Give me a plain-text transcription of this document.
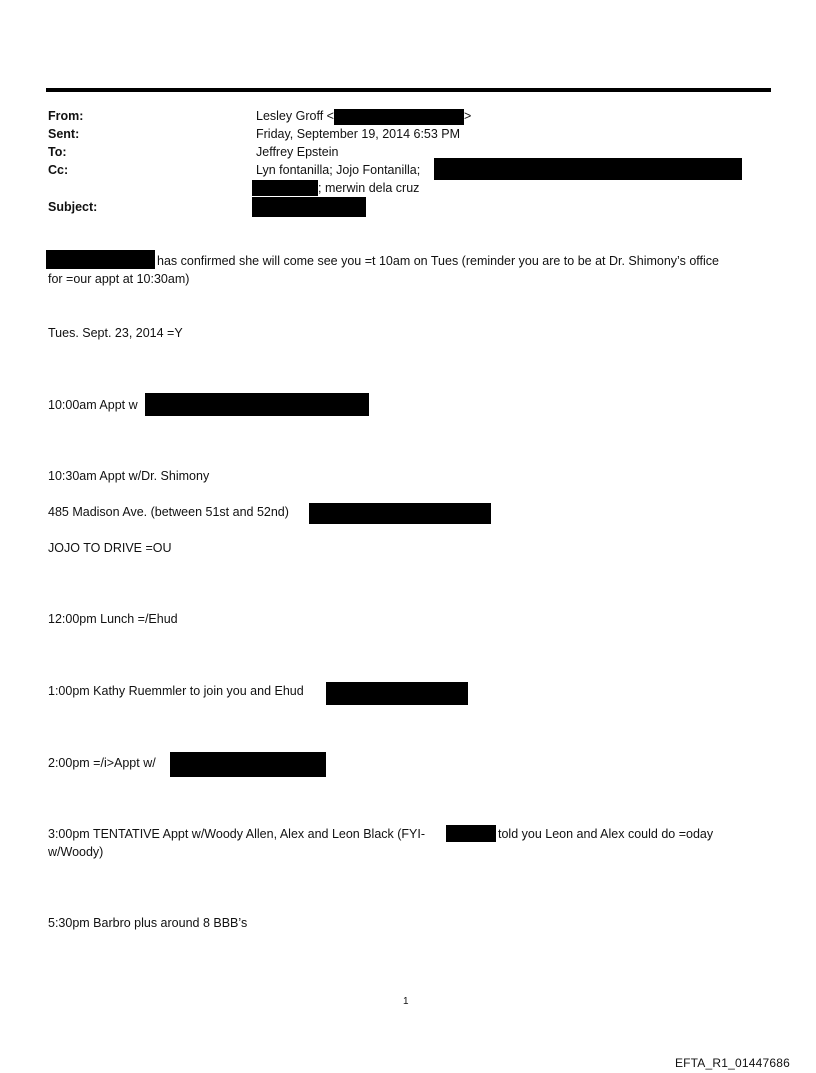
From:
Sent:
To:
Cc:
Subject:
Lesley Groff <	>
Friday, September 19, 2014 6:53 PM
Jeffrey Epstein
Lyn fontanilla; Jojo Fontanilla;
; merwin dela cruz
has confirmed she will come see you =t 10am on Tues (reminder you are to be at Dr. Shimony’s office
for =our appt at 10:30am)
Tues. Sept. 23, 2014 =Y
10:00am Appt w
10:30am Appt w/Dr. Shimony
485 Madison Ave. (between 51st and 52nd)
JOJO TO DRIVE =OU
12:00pm Lunch =/Ehud
1:00pm Kathy Ruemmler to join you and Ehud
2:00pm =/i>Appt w/
3:00pm TENTATIVE Appt w/Woody Allen, Alex and Leon Black (FYI-	told you Leon and Alex could do =oday
w/Woody)
5:30pm Barbro plus around 8 BBB’s
1
EFTA_R1_01447686
